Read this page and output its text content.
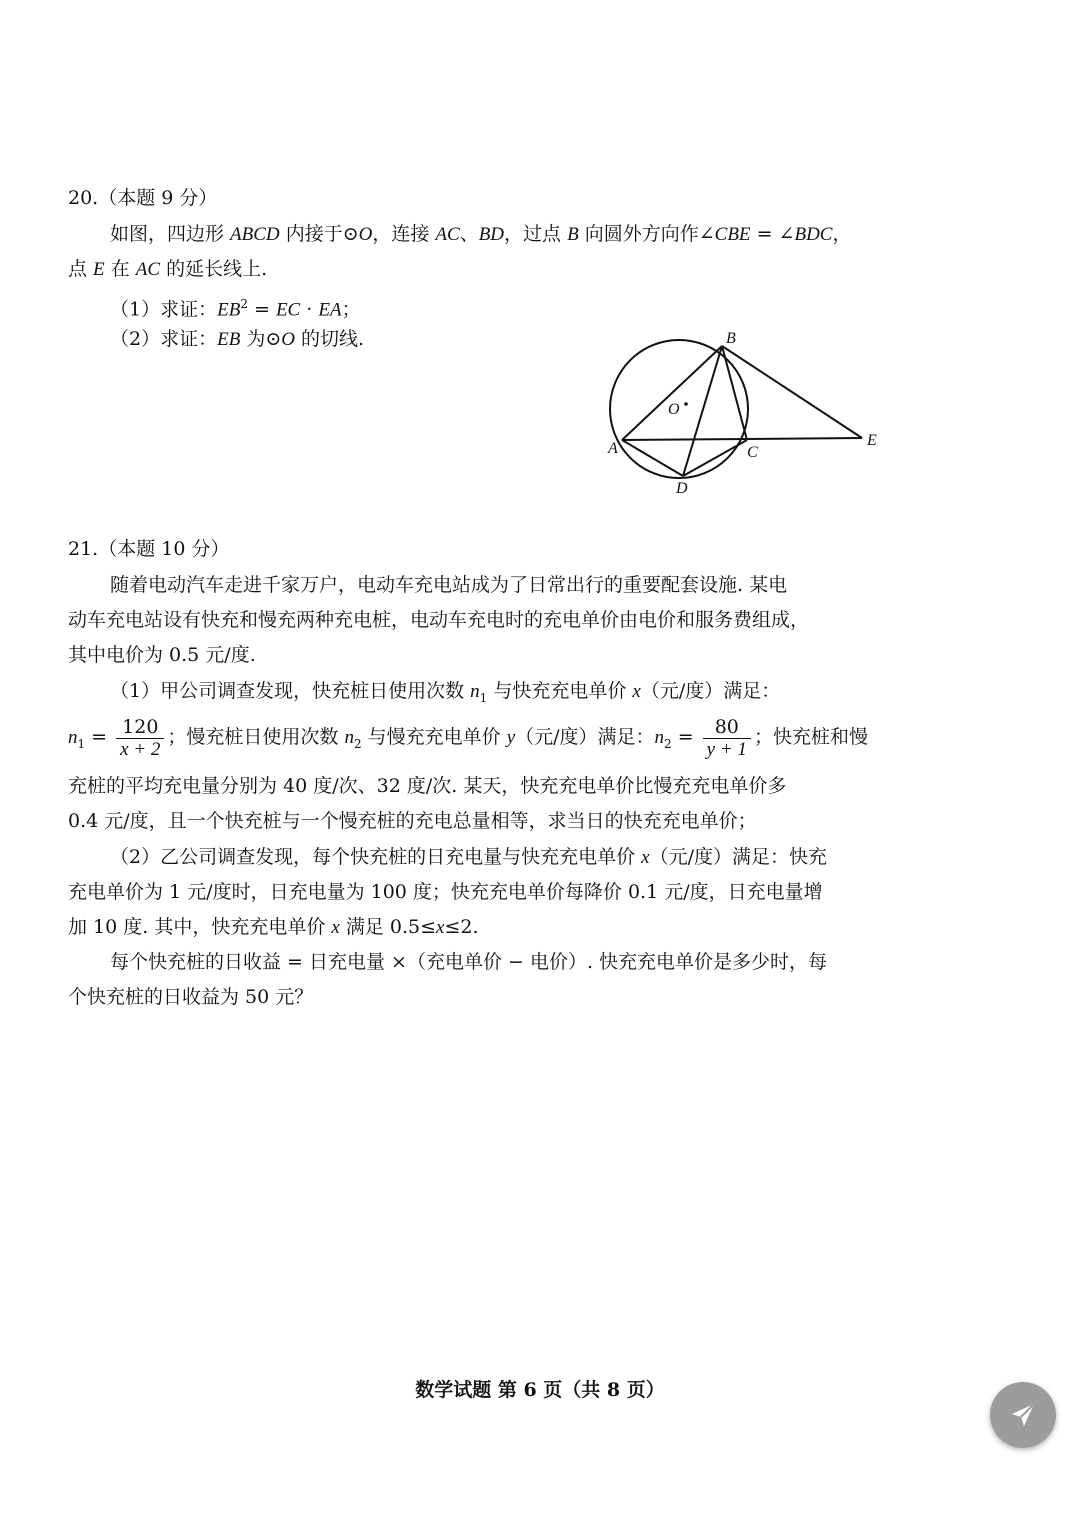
20.（本题 9 分）
如图，四边形 ABCD 内接于⊙O，连接 AC、BD，过点 B 向圆外方向作∠CBE = ∠BDC，
点 E 在 AC 的延长线上.
（1）求证：$EB^2$ = EC · EA；
（2）求证：EB 为⊙O 的切线.	B
A	C
D
E
O
21.（本题 10 分）
随着电动汽车走进千家万户，电动车充电站成为了日常出行的重要配套设施. 某电
动车充电站设有快充和慢充两种充电桩，电动车充电时的充电单价由电价和服务费组成，
其中电价为 0.5 元/度.
（1）甲公司调查发现，快充桩日使用次数 $n_1$ 与快充充电单价 x（元/度）满足：
$n_1 = \frac{120}{x + 2}$ ；慢充桩日使用次数 $n_2$ 与慢充充电单价 y（元/度）满足：$n_2 = \frac{80}{y + 1}$ ；快充桩和慢
充桩的平均充电量分别为 40 度/次、32 度/次. 某天，快充充电单价比慢充充电单价多
0.4 元/度，且一个快充桩与一个慢充桩的充电总量相等，求当日的快充充电单价；
（2）乙公司调查发现，每个快充桩的日充电量与快充充电单价 x（元/度）满足：快充
充电单价为 1 元/度时，日充电量为 100 度；快充充电单价每降价 0.1 元/度，日充电量增
加 10 度. 其中，快充充电单价 x 满足 0.5≤x≤2.
每个快充桩的日收益 = 日充电量 ×（充电单价 − 电价）. 快充充电单价是多少时，每
个快充桩的日收益为 50 元？
数学试题 第 6 页（共 8 页）
